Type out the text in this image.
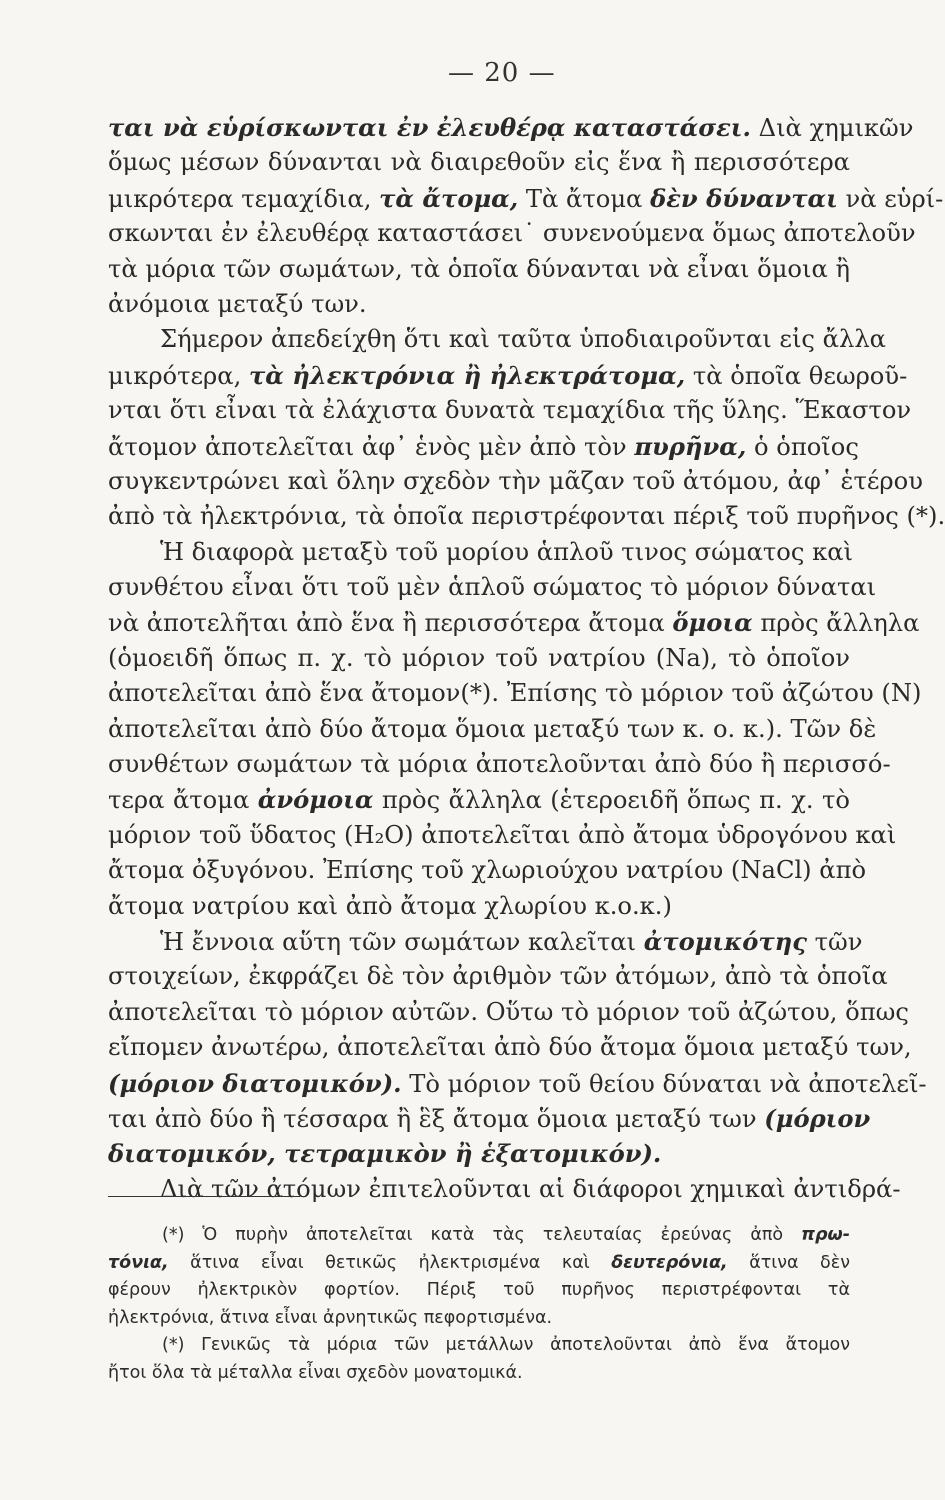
— 20 —
ται νὰ εὑρίσκωνται ἐν ἐλευθέρᾳ καταστάσει. Διὰ χημικῶν
ὅμως μέσων δύνανται νὰ διαιρεθοῦν εἰς ἕνα ἢ περισσότερα
μικρότερα τεμαχίδια, τὰ ἄτομα, Τὰ ἄτομα δὲν δύνανται νὰ εὑρί-
σκωνται ἐν ἐλευθέρᾳ καταστάσει˙ συνενούμενα ὅμως ἀποτελοῦν
τὰ μόρια τῶν σωμάτων, τὰ ὁποῖα δύνανται νὰ εἶναι ὅμοια ἢ
ἀνόμοια μεταξύ των.
Σήμερον ἀπεδείχθη ὅτι καὶ ταῦτα ὑποδιαιροῦνται εἰς ἄλλα
μικρότερα, τὰ ἠλεκτρόνια ἢ ἠλεκτράτομα, τὰ ὁποῖα θεωροῦ-
νται ὅτι εἶναι τὰ ἐλάχιστα δυνατὰ τεμαχίδια τῆς ὕλης. Ἕκαστον
ἄτομον ἀποτελεῖται ἀφ᾿ ἑνὸς μὲν ἀπὸ τὸν πυρῆνα, ὁ ὁποῖος
συγκεντρώνει καὶ ὅλην σχεδὸν τὴν μᾶζαν τοῦ ἀτόμου, ἀφ᾿ ἑτέρου
ἀπὸ τὰ ἠλεκτρόνια, τὰ ὁποῖα περιστρέφονται πέριξ τοῦ πυρῆνος (*).
Ἡ διαφορὰ μεταξὺ τοῦ μορίου ἁπλοῦ τινος σώματος καὶ
συνθέτου εἶναι ὅτι τοῦ μὲν ἁπλοῦ σώματος τὸ μόριον δύναται
νὰ ἀποτελῆται ἀπὸ ἕνα ἢ περισσότερα ἄτομα ὅμοια πρὸς ἄλληλα
(ὁμοειδῆ ὅπως π. χ. τὸ μόριον τοῦ νατρίου (Na), τὸ ὁποῖον
ἀποτελεῖται ἀπὸ ἕνα ἄτομον(*). Ἐπίσης τὸ μόριον τοῦ ἀζώτου (N)
ἀποτελεῖται ἀπὸ δύο ἄτομα ὅμοια μεταξύ των κ. ο. κ.). Τῶν δὲ
συνθέτων σωμάτων τὰ μόρια ἀποτελοῦνται ἀπὸ δύο ἢ περισσό-
τερα ἄτομα ἀνόμοια πρὸς ἄλληλα (ἑτεροειδῆ ὅπως π. χ. τὸ
μόριον τοῦ ὕδατος (H₂O) ἀποτελεῖται ἀπὸ ἄτομα ὑδρογόνου καὶ
ἄτομα ὀξυγόνου. Ἐπίσης τοῦ χλωριούχου νατρίου (NaCl) ἀπὸ
ἄτομα νατρίου καὶ ἀπὸ ἄτομα χλωρίου κ.ο.κ.)
Ἡ ἔννοια αὕτη τῶν σωμάτων καλεῖται ἀτομικότης τῶν
στοιχείων, ἐκφράζει δὲ τὸν ἀριθμὸν τῶν ἀτόμων, ἀπὸ τὰ ὁποῖα
ἀποτελεῖται τὸ μόριον αὐτῶν. Οὕτω τὸ μόριον τοῦ ἀζώτου, ὅπως
εἴπομεν ἀνωτέρω, ἀποτελεῖται ἀπὸ δύο ἄτομα ὅμοια μεταξύ των,
(μόριον διατομικόν). Τὸ μόριον τοῦ θείου δύναται νὰ ἀποτελεῖ-
ται ἀπὸ δύο ἢ τέσσαρα ἢ ἓξ ἄτομα ὅμοια μεταξύ των (μόριον
διατομικόν, τετραμικὸν ἢ ἑξατομικόν).
Διὰ τῶν ἀτόμων ἐπιτελοῦνται αἱ διάφοροι χημικαὶ ἀντιδρά-
(*) Ὁ πυρὴν ἀποτελεῖται κατὰ τὰς τελευταίας ἐρεύνας ἀπὸ πρω-
τόνια, ἅτινα εἶναι θετικῶς ἠλεκτρισμένα καὶ δευτερόνια, ἅτινα δὲν
φέρουν ἠλεκτρικὸν φορτίον. Πέριξ τοῦ πυρῆνος περιστρέφονται τὰ
ἠλεκτρόνια, ἅτινα εἶναι ἀρνητικῶς πεφορτισμένα.
(*) Γενικῶς τὰ μόρια τῶν μετάλλων ἀποτελοῦνται ἀπὸ ἕνα ἄτομον
ἤτοι ὅλα τὰ μέταλλα εἶναι σχεδὸν μονατομικά.
